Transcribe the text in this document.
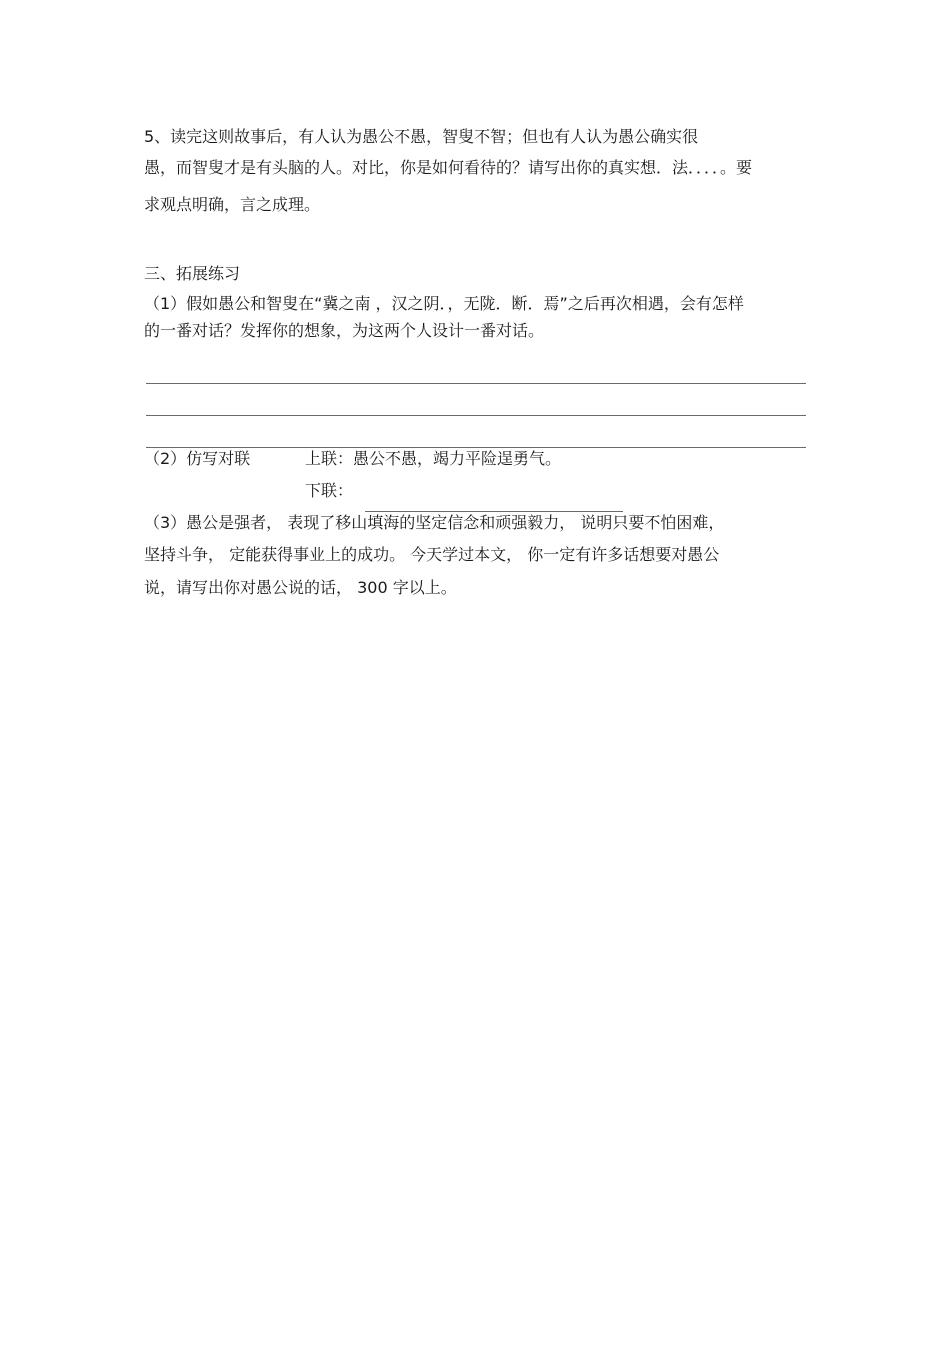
5、读完这则故事后，有人认为愚公不愚，智叟不智；但也有人认为愚公确实很
愚，而智叟才是有头脑的人。对比，你是如何看待的？请写出你的真实想．法．．．．。要
求观点明确，言之成理。
三、拓展练习
（1）假如愚公和智叟在“冀之南 ，汉之阴．，无陇．断．焉”之后再次相遇，会有怎样
的一番对话？发挥你的想象，为这两个人设计一番对话。
（2）仿写对联	上联：愚公不愚，竭力平险逞勇气。
下联：
（3）愚公是强者， 表现了移山填海的坚定信念和顽强毅力， 说明只要不怕困难，
坚持斗争， 定能获得事业上的成功。 今天学过本文， 你一定有许多话想要对愚公
说，请写出你对愚公说的话， 300 字以上。
